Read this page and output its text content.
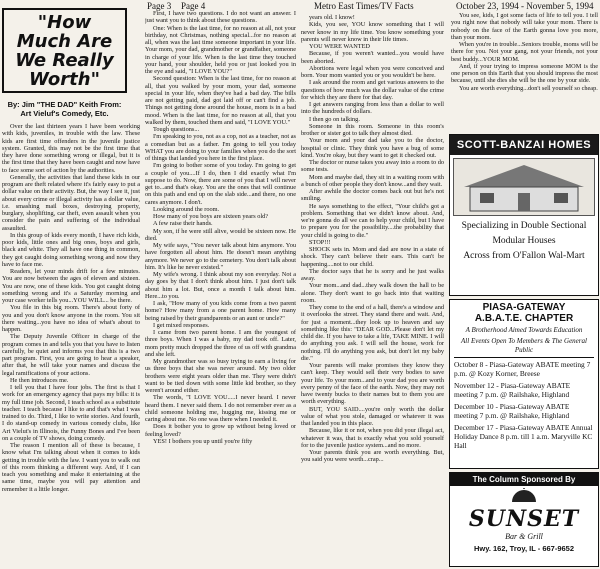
Page 3 Page 4	Metro East Times/TV Facts	October 23, 1994 - November 5, 1994
"How Much Are We Really Worth"
By: Jim "THE DAD" Keith From: Art Vieluf's Comedy, Etc.

Over the last thirteen years I have been working with kids, juveniles, in trouble with the law. These kids are first time offenders in the juvenile justice system. Granted, this may not be the first time that they have done something wrong or illegal, but it is the first time that they have been caught and now have to face some sort of action by the authorities.

Generally, the activities that land these kids in our program are theft related where it's fairly easy to put a dollar value on their activity. But, the way I see it, just about every crime or illegal activity has a dollar value, i.e. smashing mail boxes, destroying property, burglary, shoplifting, car theft, even assault when you consider the pain and suffering of the individual assaulted.

In this group of kids every month, I have rich kids, poor kids, little ones and big ones, boys and girls, black and white. They all have one thing in common, they got caught doing something wrong and now they have to face me.

Readers, let your minds drift for a few minutes. You are now between the ages of eleven and sixteen. You are now, one of these kids. You got caught doing something wrong and it's a Saturday morning and your case worker tells you...YOU WILL... be there.

You file in this big room. There's about forty of you and you don't know anyone in the room. You sit there waiting...you have no idea of what's about to happen.

The Deputy Juvenile Officer in charge of the program comes in and tells you that you have to listen carefully, be quiet and informs you that this is a two part program. First, you are going to hear a speaker, after that, he will take your names and discuss the legal ramifications of your actions.

He then introduces me.

I tell you that I have four jobs. The first is that I work for an emergency agency that pays my bills: it is my full time job. Second, I teach school as a substitute teacher. I teach because I like to and that's what I was trained to do. Third, I like to write stories. And fourth, I do stand-up comedy in various comedy clubs, like Art Vielut's in Illinois, the Funny Bones and I've been on a couple of TV shows, doing comedy.

The reason I mention all of these is because, I know what I'm talking about when it comes to kids getting in trouble with the law. I want you to walk out of this room thinking a different way. And, if I can teach you something and make it entertaining at the same time, maybe you will pay attention and remember it a little longer.

First, I have two questions. I do not want an answer. I just want you to think about these questions.

One: When is the last time, for no reason at all, not your birthday, not Christmas, nothing special...for no reason at all, when was the last time someone important in your life. Your mom, your dad, grandmother or grandfather, someone in charge of your life. When is the last time they touched your hand, your shoulder, held you or just looked you in the eye and said, "I LOVE YOU?"

Second question: When is the last time, for no reason at all, that you walked by your mom, your dad, someone special in your life, when they've had a bad day. The bills are not getting paid, dad got laid off or can't find a job. Things not getting done around the house, mom is in a bad mood. When is the last time, for no reason at all, that you walked by them, touched them and said, "I LOVE YOU."

Tough questions...

I'm speaking to you, not as a cop, not as a teacher, not as a comedian but as a father. I'm going to tell you today WHAT you are doing to your families when you do the sort of things that landed you here in the first place.

I'm going to bother some of you today. I'm going to get a couple of you....If I do, then I did exactly what I'm suppose to do. Now, there are some of you that I will never get to...and that's okay. You are the ones that will continue on this path and end up on the slab side...and there, no one cares anymore. I don't.

Looking around the room.

How many of you boys are sixteen years old?

A few raise their hands.

My son, if he were still alive, would be sixteen now. He died.

My wife says, "You never talk about him anymore. You have forgotten all about him. He doesn't mean anything anymore. We never go to the cemetery. You don't talk about him. It's like he never existed."

My wife's wrong. I think about my son everyday. Not a day goes by that I don't think about him. I just don't talk about him a lot. But, once a month I talk about him. Here...to you.

I ask, "How many of you kids come from a two parent home? How many from a one parent home. How many being raised by their grandparents or an aunt or uncle?"

I get mixed responses.

I came from two parent home. I am the youngest of three boys. When I was a baby, my dad took off. Later, mom pretty much dropped the three of us off with grandma and she left.

My grandmother was so busy trying to earn a living for us three boys that she was never around. My two older brothers were eight years older than me. They were didn't want to be tied down with some little kid brother, so they weren't around either.

The words, "I LOVE YOU.....I never heard. I never heard them. I never said them. I do not remember ever as a child someone holding me, hugging me, kissing me or caring about me. No one was there when I needed it.

Does it bother you to grow up without being loved or feeling loved?

YES! I bothers you up until you're fifty

years old. I know!

Kids, you see, YOU know something that I will never know in my life time. You know something your parents will never know in their life times.

YOU WERE WANTED

Because, if you weren't wanted...you would have been aborted.

Abortions were legal when you were conceived and born. Your mom wanted you or you wouldn't be here.

I ask around the room and get various answers to the questions of how much was the dollar value of the crime for which they are there for that day.

I get answers ranging from less than a dollar to well into the hundreds of dollars.

I then go on talking.

Someone in this room. Someone in this room's brother or sister got to talk they almost died.

Your mom and your dad take you to the doctor, hospital or clinic. They think you have a bug of some kind. You're okay, but they want to get it checked out.

The doctor or nurse takes you away into a room to do some tests.

Mom and maybe dad, they sit in a waiting room with a bunch of other people they don't know...and they wait.

After awhile the doctor comes back out but he's not smiling.

He says something to the effect, "Your child's got a problem. Something that we didn't know about. And, we're gonna do all we can to help your child, but I have to prepare you for the possibility....the probability that your child is going to die."

STOP!!!

SHOCK sets in. Mom and dad are now in a state of shock. They can't believe their ears. This can't be happening....not to our child.

The doctor says that he is sorry and he just walks away.

Your mom...and dad...they walk down the hall to be alone. They don't want to go back into that waiting room.

They come to the end of a hall, there's a window and it overlooks the street. They stand there and wait. And, for just a moment...they look up to heaven and say something like this: "DEAR GOD...Please don't let my child die. If you have to take a life, TAKE MINE. I will do anything you ask. I will sell the house, work for nothing. I'll do anything you ask, but don't let my baby die."

Your parents will make promises they know they can't keep. They would sell their very bodies to save your life. To your mom...and to your dad you are worth every penny of the face of the earth. Now, they may not have twenty bucks to their names but to them you are worth everything.

BUT, YOU SAID....you're only worth the dollar value of what you stole, damaged or whatever it was that landed you in this place.

Because, like it or not, when you did your illegal act, whatever it was, that is exactly what you sold yourself for to the juvenile justice system...and no more.

Your parents think you are worth everything. But, you said you were worth...crap...

You see, kids, I got some facts of life to tell you. I tell you right now that nobody will take your mom. There is nobody on the face of the Earth gonna love you more, than your mom.

When you're in trouble...Seniors trouble, moms will be there for you. Not your gang, not your friends, not your best buddy...YOUR MOM.

And, if your trying to impress someone MOM is the one person on this Earth that you should impress the most because, until she dies she will be the one by your side.

You are worth everything...don't sell yourself so cheap.

SCOTT-BANZAI HOMES
Specializing in Double Sectional
Modular Houses
Across from O'Fallon Wal-Mart
PIASA-GATEWAY
A.B.A.T.E. CHAPTER
A Brotherhood Aimed Towards Education
All Events Open To Members & The General Public
October 8 - Piasa-Gateway ABATE meeting 7 p.m. @ Kozy Korner, Breese
November 12 - Piasa-Gateway ABATE meeting 7 p.m. @ Railshake, Highland
December 10 - Piasa-Gateway ABATE meeting 7 p.m. @ Railshake, Highland
December 17 - Piasa-Gateway ABATE Annual Holiday Dance 8 p.m. till 1 a.m. Maryville KC Hall
The Column Sponsored By
SUNSET
Bar & Grill
Hwy. 162, Troy, IL - 667-9652
